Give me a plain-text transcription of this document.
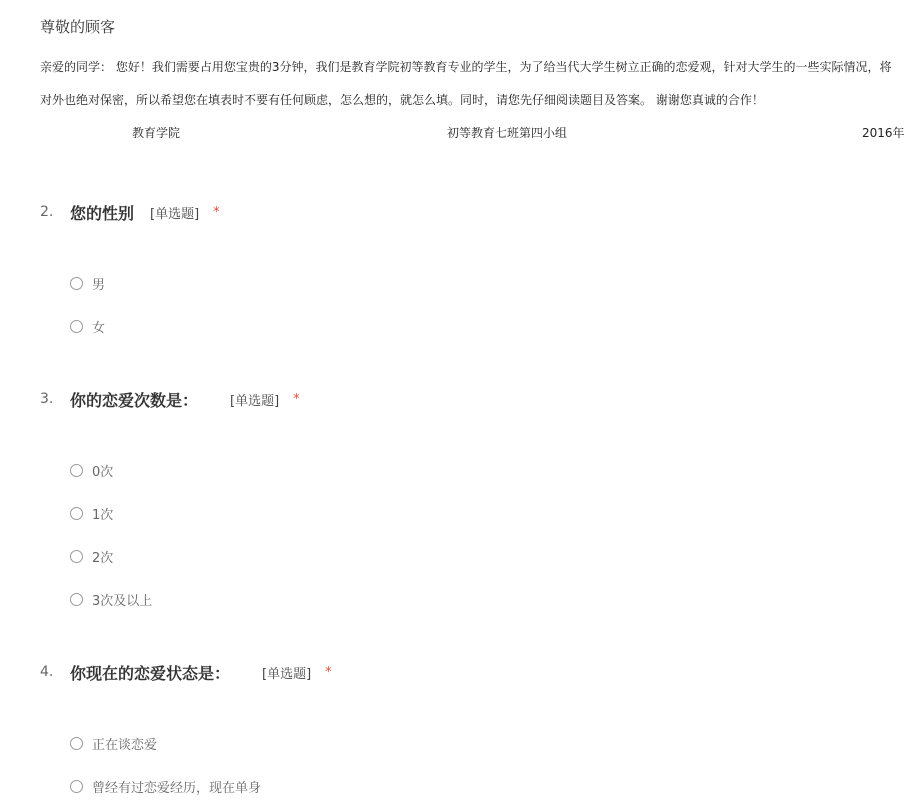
尊敬的顾客
亲爱的同学： 您好！我们需要占用您宝贵的3分钟，我们是教育学院初等教育专业的学生，为了给当代大学生树立正确的恋爱观，针对大学生的一些实际情况，将
对外也绝对保密，所以希望您在填表时不要有任何顾虑，怎么想的，就怎么填。同时，请您先仔细阅读题目及答案。 谢谢您真诚的合作！
教育学院	初等教育七班第四小组	2016年
2.	您的性别 [单选题] *
男
女
3.	你的恋爱次数是： [单选题] *
0次
1次
2次
3次及以上
4.	你现在的恋爱状态是： [单选题] *
正在谈恋爱
曾经有过恋爱经历，现在单身
